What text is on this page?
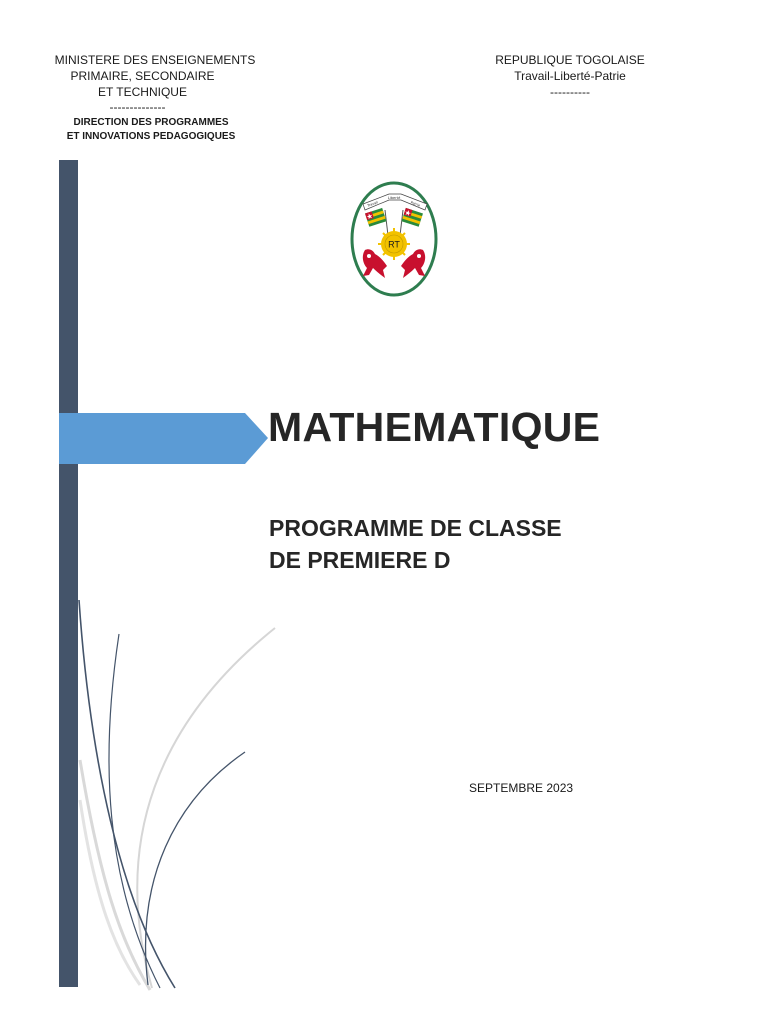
MINISTERE DES ENSEIGNEMENTS
PRIMAIRE, SECONDAIRE
ET TECHNIQUE
--------------
DIRECTION DES PROGRAMMES
ET INNOVATIONS PEDAGOGIQUES
REPUBLIQUE TOGOLAISE
Travail-Liberté-Patrie
----------
Liberté
Travail	Patrie
RT
MATHEMATIQUE
PROGRAMME DE CLASSE
DE PREMIERE D
SEPTEMBRE 2023
